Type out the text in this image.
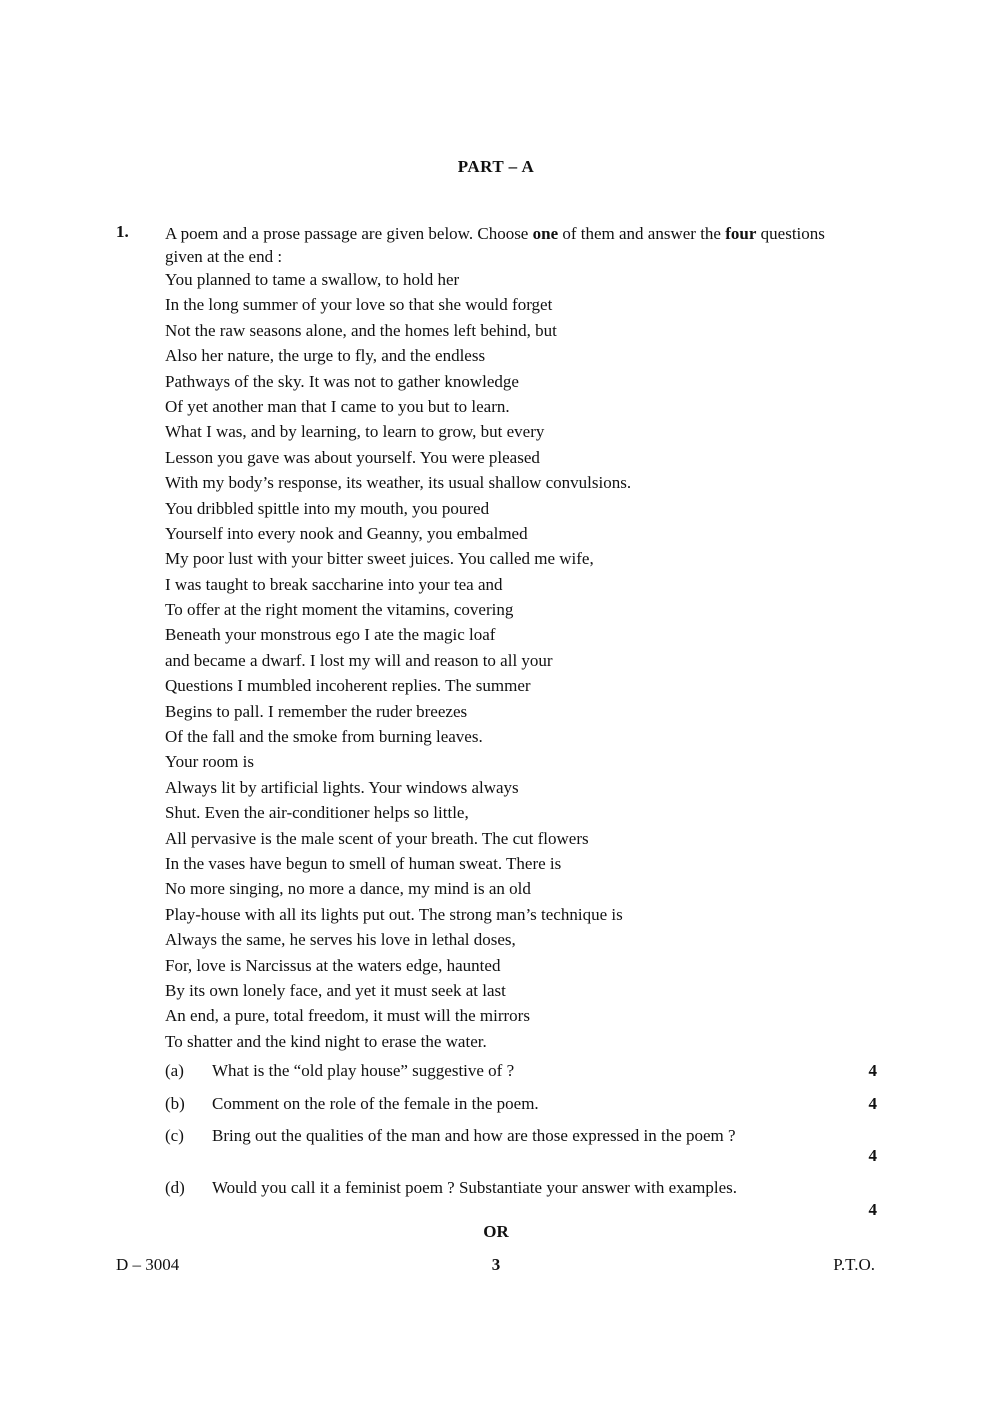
PART – A
1. A poem and a prose passage are given below. Choose one of them and answer the four questions given at the end :
You planned to tame a swallow, to hold her
In the long summer of your love so that she would forget
Not the raw seasons alone, and the homes left behind, but
Also her nature, the urge to fly, and the endless
Pathways of the sky. It was not to gather knowledge
Of yet another man that I came to you but to learn.
What I was, and by learning, to learn to grow, but every
Lesson you gave was about yourself. You were pleased
With my body’s response, its weather, its usual shallow convulsions.
You dribbled spittle into my mouth, you poured
Yourself into every nook and Geanny, you embalmed
My poor lust with your bitter sweet juices. You called me wife,
I was taught to break saccharine into your tea and
To offer at the right moment the vitamins, covering
Beneath your monstrous ego I ate the magic loaf
and became a dwarf. I lost my will and reason to all your
Questions I mumbled incoherent replies. The summer
Begins to pall. I remember the ruder breezes
Of the fall and the smoke from burning leaves.
Your room is
Always lit by artificial lights. Your windows always
Shut. Even the air-conditioner helps so little,
All pervasive is the male scent of your breath. The cut flowers
In the vases have begun to smell of human sweat. There is
No more singing, no more a dance, my mind is an old
Play-house with all its lights put out. The strong man’s technique is
Always the same, he serves his love in lethal doses,
For, love is Narcissus at the waters edge, haunted
By its own lonely face, and yet it must seek at last
An end, a pure, total freedom, it must will the mirrors
To shatter and the kind night to erase the water.
(a) What is the “old play house” suggestive of ?	4
(b) Comment on the role of the female in the poem.	4
(c) Bring out the qualities of the man and how are those expressed in the poem ?
4
(d) Would you call it a feminist poem ? Substantiate your answer with examples.
4
OR
D – 3004	3	P.T.O.
